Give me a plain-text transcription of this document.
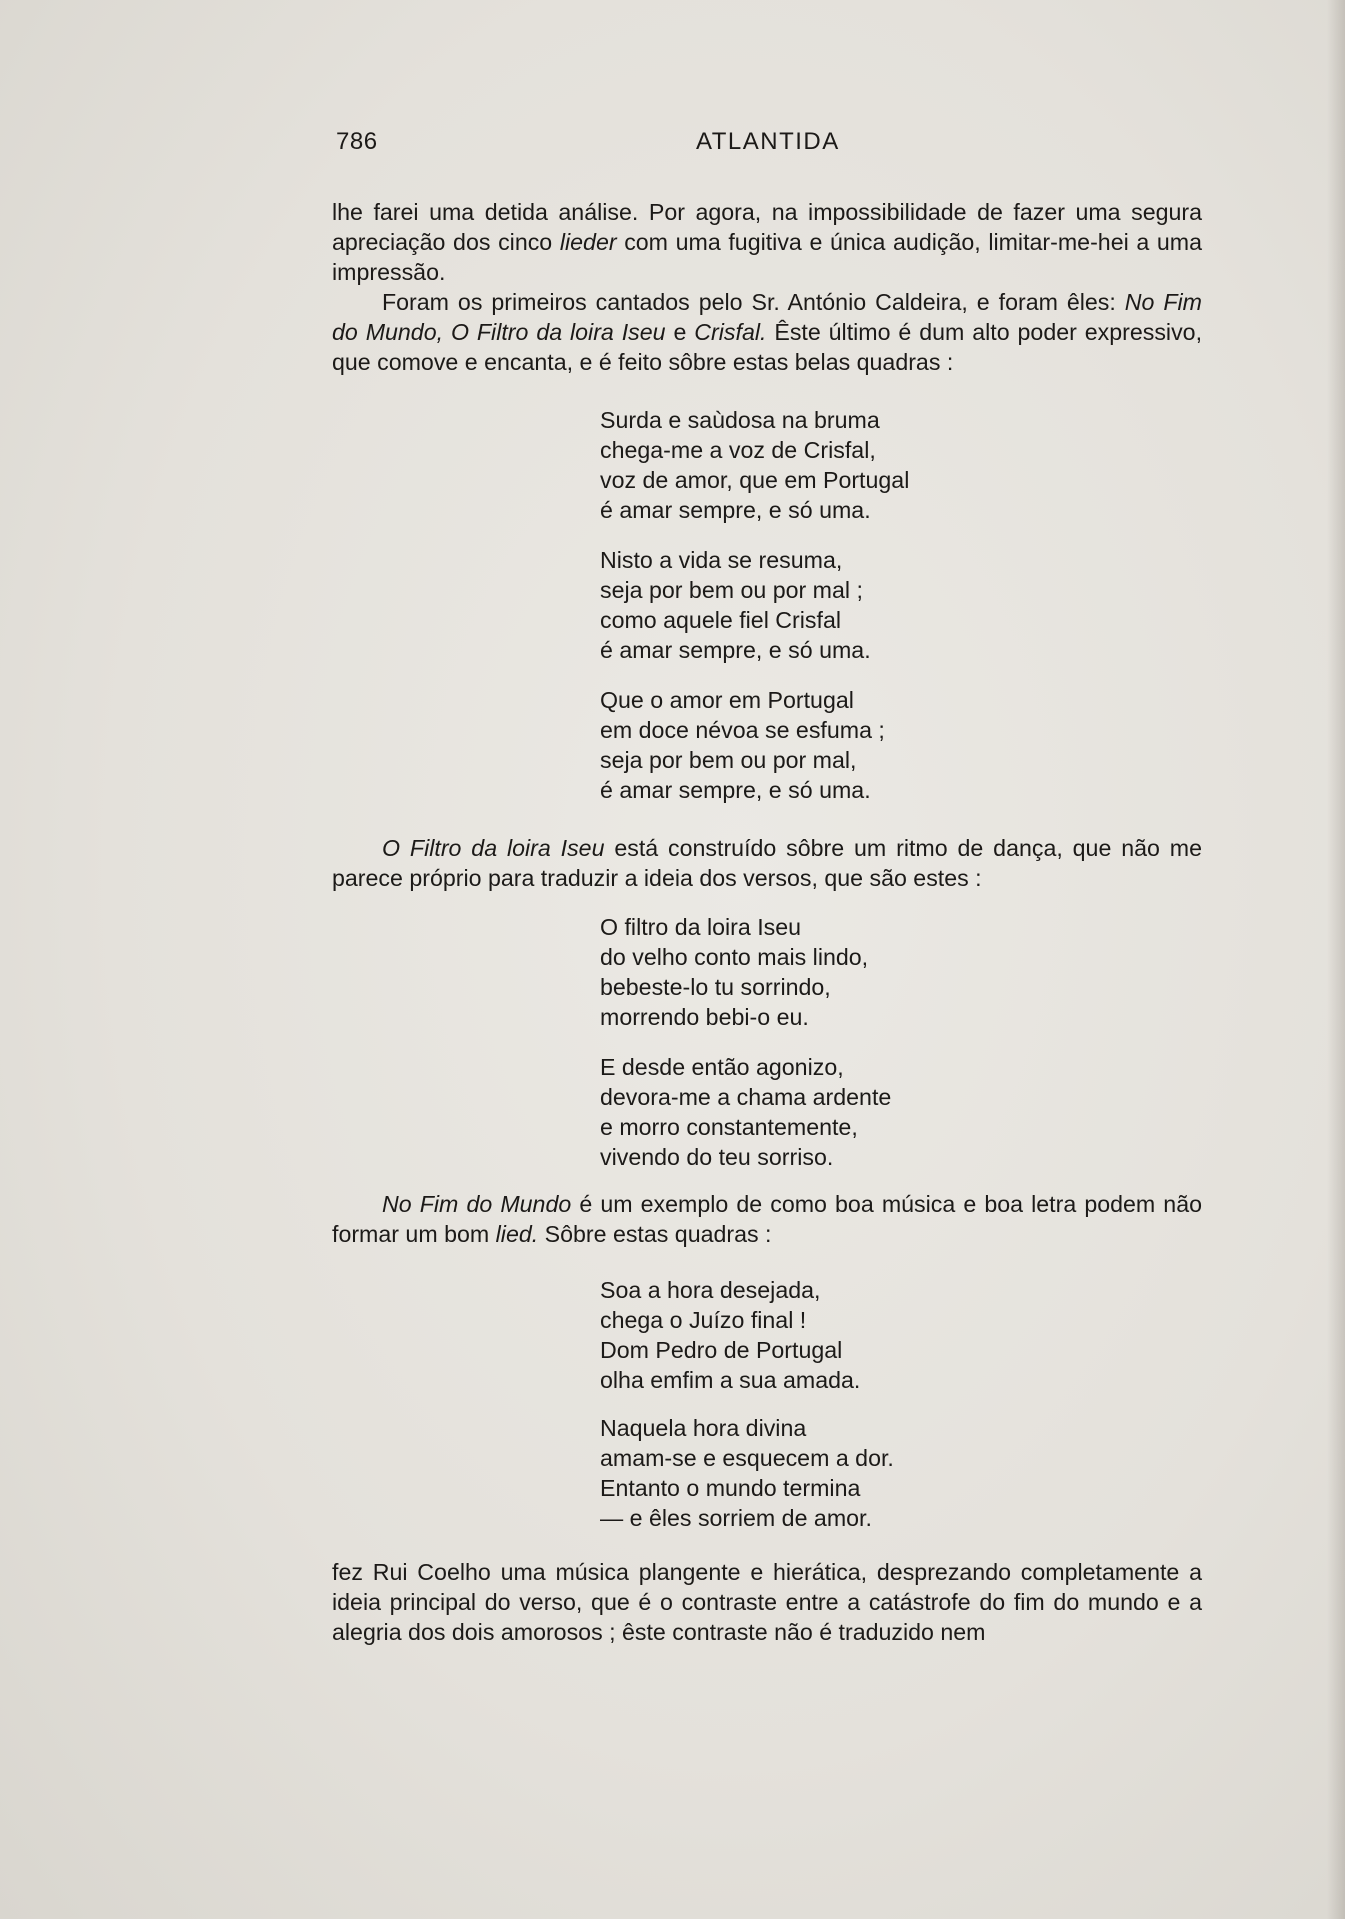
786	ATLANTIDA

lhe farei uma detida análise. Por agora, na impossibilidade de fazer uma segura apreciação dos cinco lieder com uma fugitiva e única audição, limitar-me-hei a uma impressão.

Foram os primeiros cantados pelo Sr. António Caldeira, e foram êles: No Fim do Mundo, O Filtro da loira Iseu e Crisfal. Êste último é dum alto poder expressivo, que comove e encanta, e é feito sôbre estas belas quadras :

Surda e saùdosa na bruma
chega-me a voz de Crisfal,
voz de amor, que em Portugal
é amar sempre, e só uma.
Nisto a vida se resuma,
seja por bem ou por mal ;
como aquele fiel Crisfal
é amar sempre, e só uma.
Que o amor em Portugal
em doce névoa se esfuma ;
seja por bem ou por mal,
é amar sempre, e só uma.

O Filtro da loira Iseu está construído sôbre um ritmo de dança, que não me parece próprio para traduzir a ideia dos versos, que são estes :

O filtro da loira Iseu
do velho conto mais lindo,
bebeste-lo tu sorrindo,
morrendo bebi-o eu.
E desde então agonizo,
devora-me a chama ardente
e morro constantemente,
vivendo do teu sorriso.

No Fim do Mundo é um exemplo de como boa música e boa letra podem não formar um bom lied. Sôbre estas quadras :

Soa a hora desejada,
chega o Juízo final !
Dom Pedro de Portugal
olha emfim a sua amada.
Naquela hora divina
amam-se e esquecem a dor.
Entanto o mundo termina
— e êles sorriem de amor.

fez Rui Coelho uma música plangente e hierática, desprezando completamente a ideia principal do verso, que é o contraste entre a catástrofe do fim do mundo e a alegria dos dois amorosos ; êste contraste não é traduzido nem
